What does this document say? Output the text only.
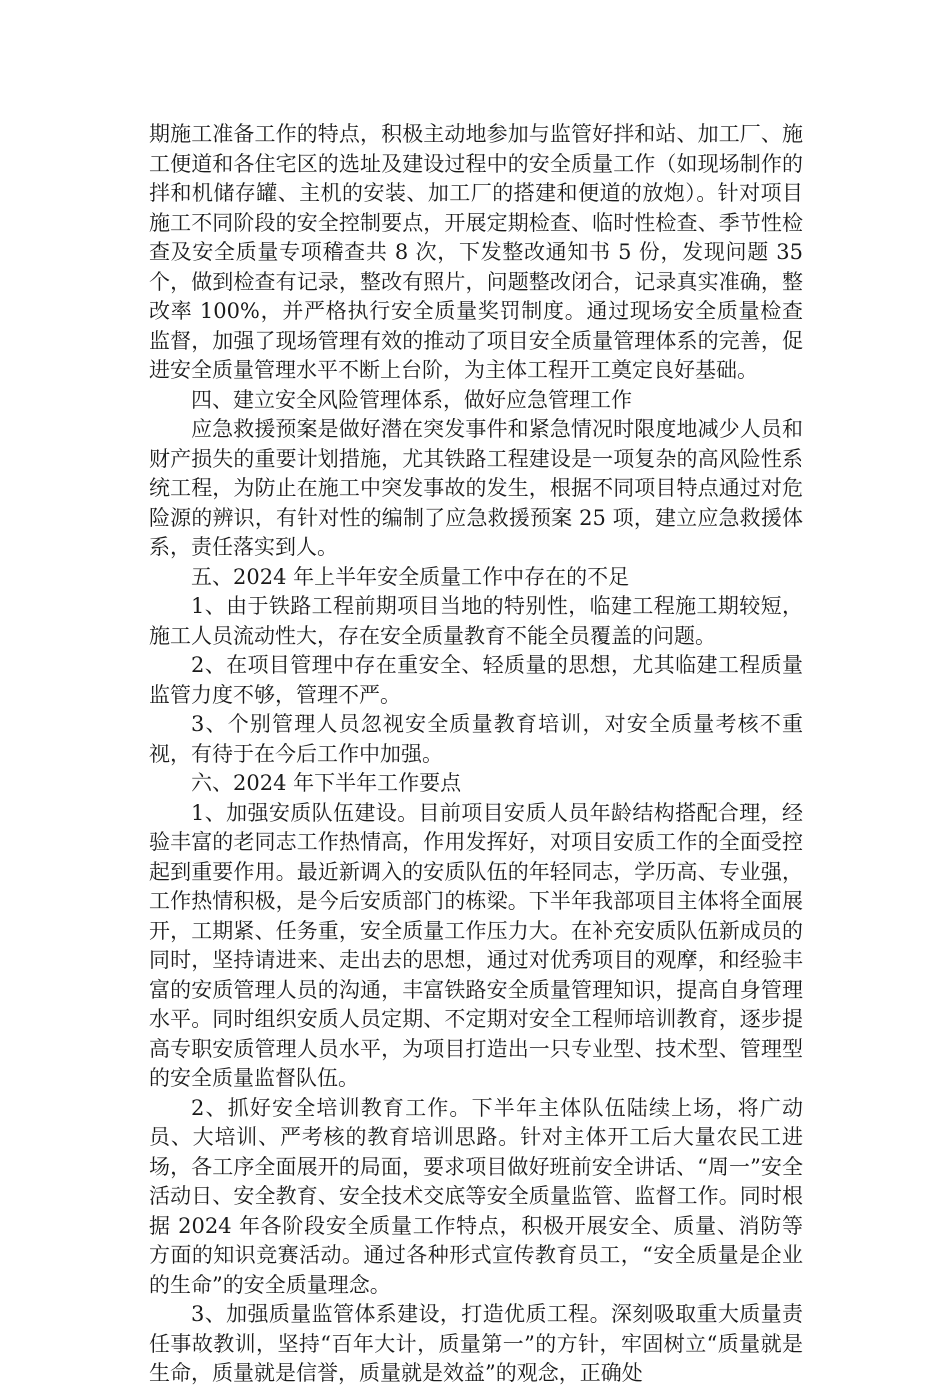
期施工准备工作的特点，积极主动地参加与监管好拌和站、加工厂、施工便道和各住宅区的选址及建设过程中的安全质量工作（如现场制作的拌和机储存罐、主机的安装、加工厂的搭建和便道的放炮）。针对项目施工不同阶段的安全控制要点，开展定期检查、临时性检查、季节性检查及安全质量专项稽查共 8 次，下发整改通知书 5 份，发现问题 35 个，做到检查有记录，整改有照片，问题整改闭合，记录真实准确，整改率 100%，并严格执行安全质量奖罚制度。通过现场安全质量检查监督，加强了现场管理有效的推动了项目安全质量管理体系的完善，促进安全质量管理水平不断上台阶，为主体工程开工奠定良好基础。

四、建立安全风险管理体系，做好应急管理工作

应急救援预案是做好潜在突发事件和紧急情况时限度地减少人员和财产损失的重要计划措施，尤其铁路工程建设是一项复杂的高风险性系统工程，为防止在施工中突发事故的发生，根据不同项目特点通过对危险源的辨识，有针对性的编制了应急救援预案 25 项，建立应急救援体系，责任落实到人。

五、2024 年上半年安全质量工作中存在的不足

1、由于铁路工程前期项目当地的特别性，临建工程施工期较短，施工人员流动性大，存在安全质量教育不能全员覆盖的问题。

2、在项目管理中存在重安全、轻质量的思想，尤其临建工程质量监管力度不够，管理不严。

3、个别管理人员忽视安全质量教育培训，对安全质量考核不重视，有待于在今后工作中加强。

六、2024 年下半年工作要点

1、加强安质队伍建设。目前项目安质人员年龄结构搭配合理，经验丰富的老同志工作热情高，作用发挥好，对项目安质工作的全面受控起到重要作用。最近新调入的安质队伍的年轻同志，学历高、专业强，工作热情积极，是今后安质部门的栋梁。下半年我部项目主体将全面展开，工期紧、任务重，安全质量工作压力大。在补充安质队伍新成员的同时，坚持请进来、走出去的思想，通过对优秀项目的观摩，和经验丰富的安质管理人员的沟通，丰富铁路安全质量管理知识，提高自身管理水平。同时组织安质人员定期、不定期对安全工程师培训教育，逐步提高专职安质管理人员水平，为项目打造出一只专业型、技术型、管理型的安全质量监督队伍。

2、抓好安全培训教育工作。下半年主体队伍陆续上场，将广动员、大培训、严考核的教育培训思路。针对主体开工后大量农民工进场，各工序全面展开的局面，要求项目做好班前安全讲话、“周一”安全活动日、安全教育、安全技术交底等安全质量监管、监督工作。同时根据 2024 年各阶段安全质量工作特点，积极开展安全、质量、消防等方面的知识竞赛活动。通过各种形式宣传教育员工，“安全质量是企业的生命”的安全质量理念。

3、加强质量监管体系建设，打造优质工程。深刻吸取重大质量责任事故教训，坚持“百年大计，质量第一”的方针，牢固树立“质量就是生命，质量就是信誉，质量就是效益”的观念，正确处
